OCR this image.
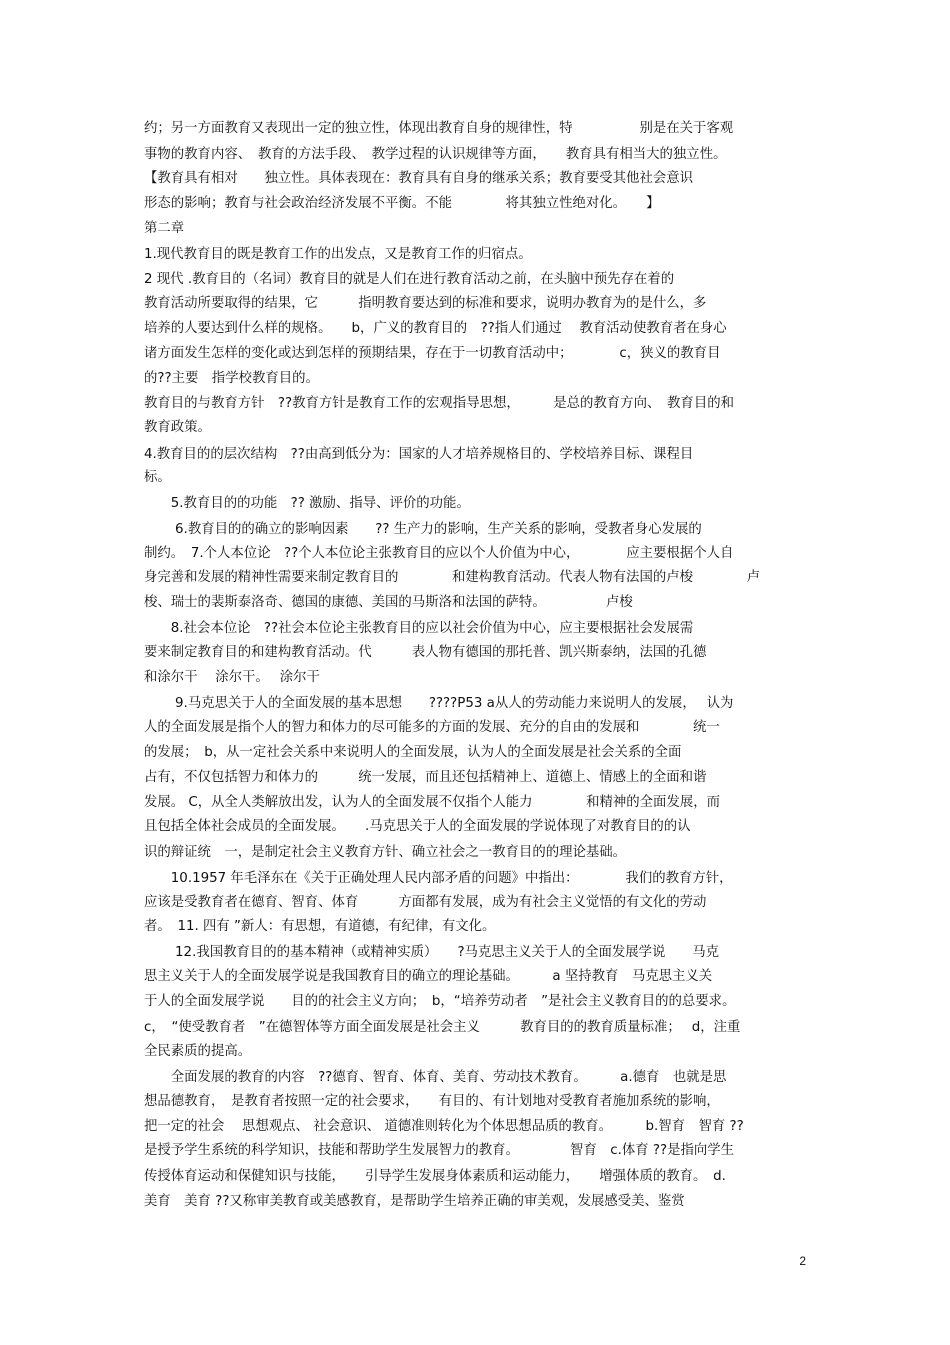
约；另一方面教育又表现出一定的独立性，体现出教育自身的规律性，特　　　　　别是在关于客观
事物的教育内容、　教育的方法手段、　教学过程的认识规律等方面，　　教育具有相当大的独立性。
【教育具有相对　　独立性。具体表现在：教育具有自身的继承关系；教育要受其他社会意识
形态的影响；教育与社会政治经济发展不平衡。不能　　　　将其独立性绝对化。　　】
第二章
1.现代教育目的既是教育工作的出发点，又是教育工作的归宿点。
2 现代 .教育目的（名词）教育目的就是人们在进行教育活动之前，在头脑中预先存在着的
教育活动所要取得的结果，它　　　指明教育要达到的标准和要求，说明办教育为的是什么，多
培养的人要达到什么样的规格。　　b，广义的教育目的　??指人们通过　 教育活动使教育者在身心
诸方面发生怎样的变化或达到怎样的预期结果，存在于一切教育活动中；　　　　c，狭义的教育目
的??主要　指学校教育目的。
教育目的与教育方针　??教育方针是教育工作的宏观指导思想，　　　是总的教育方向、　教育目的和
教育政策。
4.教育目的的层次结构　??由高到低分为：国家的人才培养规格目的、学校培养目标、课程目
标。
　　5.教育目的的功能　?? 激励、指导、评价的功能。
　　 6.教育目的的确立的影响因素　　?? 生产力的影响，生产关系的影响，受教者身心发展的
制约。　7.个人本位论　??个人本位论主张教育目的应以个人价值为中心，　　　　应主要根据个人自
身完善和发展的精神性需要来制定教育目的　　　　和建构教育活动。代表人物有法国的卢梭　　　　卢
梭、瑞士的裴斯泰洛奇、德国的康德、美国的马斯洛和法国的萨特。　　　　　卢梭
　　8.社会本位论　??社会本位论主张教育目的应以社会价值为中心，应主要根据社会发展需
要来制定教育目的和建构教育活动。代　　　表人物有德国的那托普、凯兴斯泰纳，法国的孔德
和涂尔干　 涂尔干。　 涂尔干
　　 9.马克思关于人的全面发展的基本思想　　????P53 a从人的劳动能力来说明人的发展，　 认为
人的全面发展是指个人的智力和体力的尽可能多的方面的发展、充分的自由的发展和　　　　统一
的发展；　b，从一定社会关系中来说明人的全面发展，认为人的全面发展是社会关系的全面
占有，不仅包括智力和体力的　　　统一发展，而且还包括精神上、道德上、情感上的全面和谐
发展。 C，从全人类解放出发，认为人的全面发展不仅指个人能力　　　　和精神的全面发展，而
且包括全体社会成员的全面发展。　　.马克思关于人的全面发展的学说体现了对教育目的的认
识的辩证统　一，是制定社会主义教育方针、确立社会之一教育目的的理论基础。
　　10.1957 年毛泽东在《关于正确处理人民内部矛盾的问题》中指出：　　　　我们的教育方针，
应该是受教育者在德育、智育、体育　　　方面都有发展，成为有社会主义觉悟的有文化的劳动
者。　11. 四有 ”新人：有思想，有道德，有纪律，有文化。
　　 12.我国教育目的的基本精神（或精神实质）　　?马克思主义关于人的全面发展学说　　马克
思主义关于人的全面发展学说是我国教育目的确立的理论基础。　　　a 坚持教育　马克思主义关
于人的全面发展学说　　目的的社会主义方向；　b，“培养劳动者　”是社会主义教育目的的总要求。
c，　“使受教育者　”在德智体等方面全面发展是社会主义　　　教育目的的教育质量标准；　 d，注重
全民素质的提高。
　　全面发展的教育的内容　??德育、智育、体育、美育、劳动技术教育。　　　a.德育　也就是思
想品德教育，　是教育者按照一定的社会要求，　　有目的、有计划地对受教育者施加系统的影响，
把一定的社会　 思想观点、 社会意识、 道德准则转化为个体思想品质的教育。　　　b.智育　智育 ??
是授予学生系统的科学知识，技能和帮助学生发展智力的教育。　　　　 智育　c.体育 ??是指向学生
传授体育运动和保健知识与技能，　　引导学生发展身体素质和运动能力，　　增强体质的教育。　d.
美育　美育 ??又称审美教育或美感教育，是帮助学生培养正确的审美观，发展感受美、鉴赏
2
